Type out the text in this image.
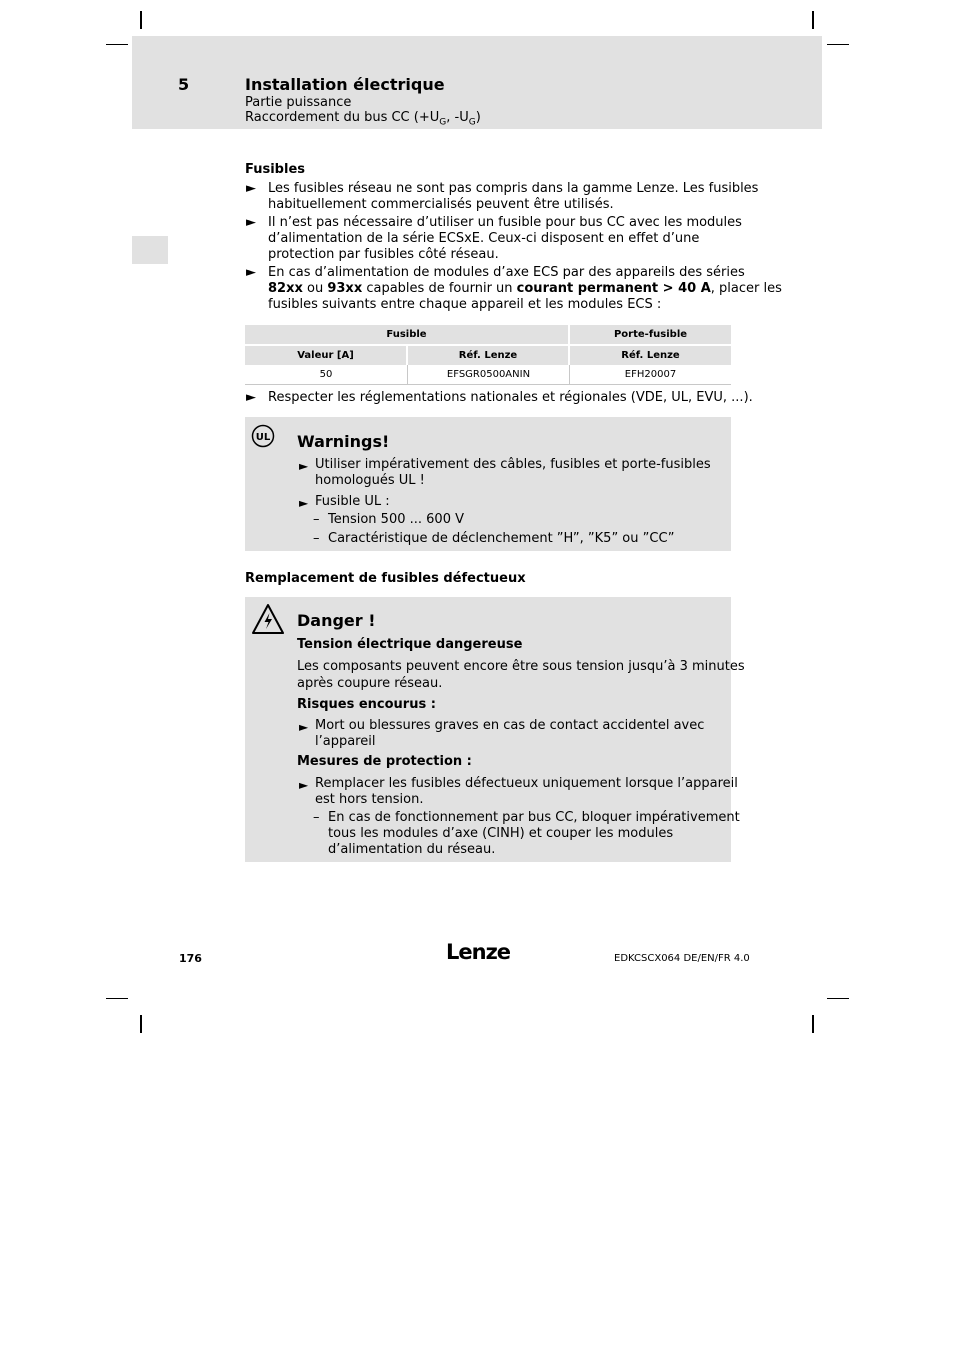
5	Installation électrique
Partie puissance
Raccordement du bus CC ($+U_G$, $-U_G$)
Fusibles
► Les fusibles réseau ne sont pas compris dans la gamme Lenze. Les fusibles
habituellement commercialisés peuvent être utilisés.
► Il n’est pas nécessaire d’utiliser un fusible pour bus CC avec les modules
d’alimentation de la série ECSxE. Ceux-ci disposent en effet d’une
protection par fusibles côté réseau.
► En cas d’alimentation de modules d’axe ECS par des appareils des séries
82xx ou 93xx capables de fournir un courant permanent > 40 A, placer les
fusibles suivants entre chaque appareil et les modules ECS :
Fusible		Porte-fusible
Valeur [A]	Réf. Lenze	Réf. Lenze
50	EFSGR0500ANIN	EFH20007
► Respecter les réglementations nationales et régionales (VDE, UL, EVU, ...).
UL Warnings!
► Utiliser impérativement des câbles, fusibles et porte-fusibles
homologués UL !
► Fusible UL :
– Tension 500 ... 600 V
– Caractéristique de déclenchement ”H”, ”K5” ou ”CC”
Remplacement de fusibles défectueux
Danger !
Tension électrique dangereuse
Les composants peuvent encore être sous tension jusqu’à 3 minutes
après coupure réseau.
Risques encourus :
► Mort ou blessures graves en cas de contact accidentel avec
l’appareil
Mesures de protection :
► Remplacer les fusibles défectueux uniquement lorsque l’appareil
est hors tension.
– En cas de fonctionnement par bus CC, bloquer impérativement
tous les modules d’axe (CINH) et couper les modules
d’alimentation du réseau.
176	Lenze	EDKCSCX064 DE/EN/FR 4.0
